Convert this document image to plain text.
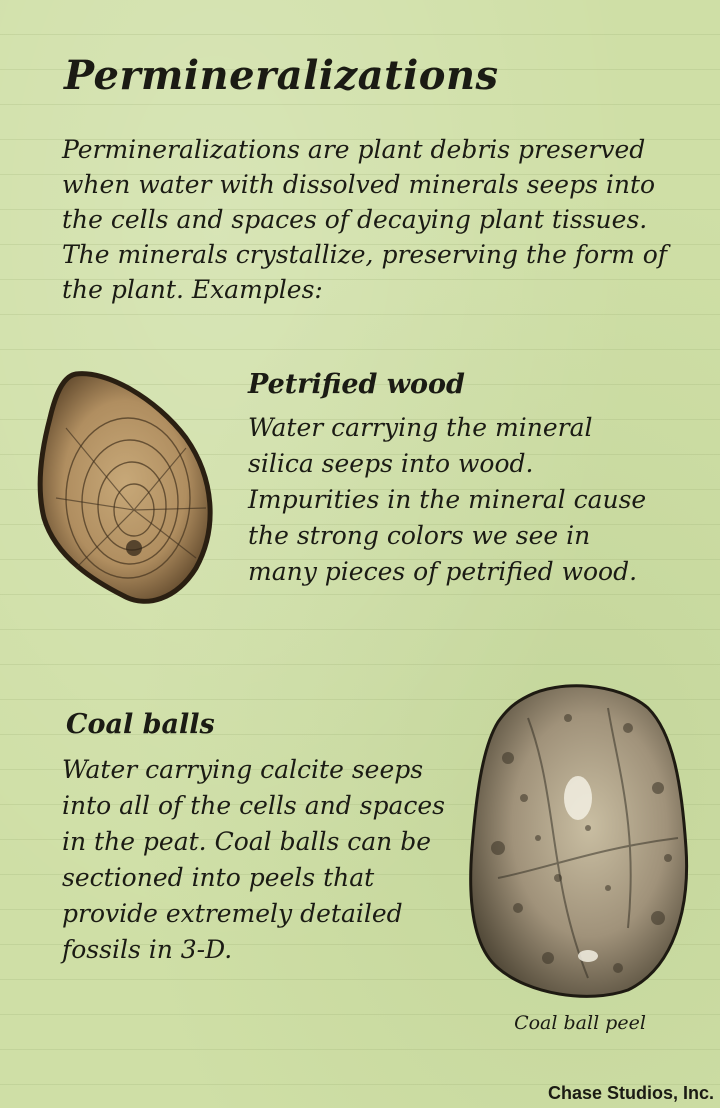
Permineralizations

Permineralizations are plant debris preserved when water with dissolved minerals seeps into the cells and spaces of decaying plant tissues. The minerals crystallize, preserving the form of the plant. Examples:

Petrified wood

Water carrying the mineral silica seeps into wood. Impurities in the mineral cause the strong colors we see in many pieces of petrified wood.

Coal balls

Water carrying calcite seeps into all of the cells and spaces in the peat. Coal balls can be sectioned into peels that provide extremely detailed fossils in 3-D.

Coal ball peel
Chase Studios, Inc.
